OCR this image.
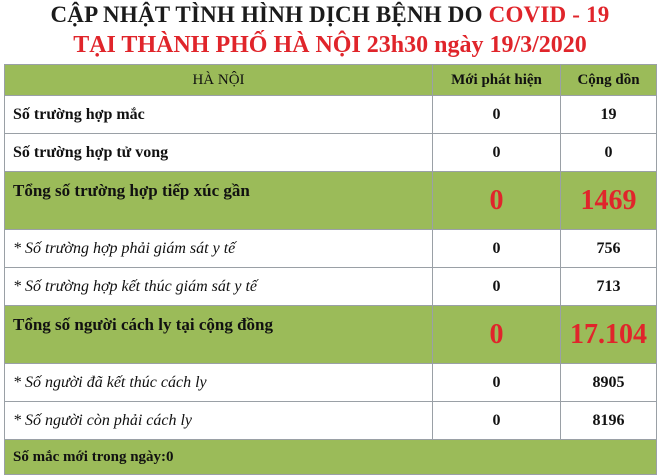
CẬP NHẬT TÌNH HÌNH DỊCH BỆNH DO COVID - 19
TẠI THÀNH PHỐ HÀ NỘI 23h30 ngày 19/3/2020
HÀ NỘI	Mới phát hiện	Cộng dồn
Số trường hợp mắc	0	19
Số trường hợp tử vong	0	0
Tổng số trường hợp tiếp xúc gần	0	1469
* Số trường hợp phải giám sát y tế	0	756
* Số trường hợp kết thúc giám sát y tế	0	713
Tổng số người cách ly tại cộng đồng	0	17.104
* Số người đã kết thúc cách ly	0	8905
* Số người còn phải cách ly	0	8196
Số mắc mới trong ngày:0		
